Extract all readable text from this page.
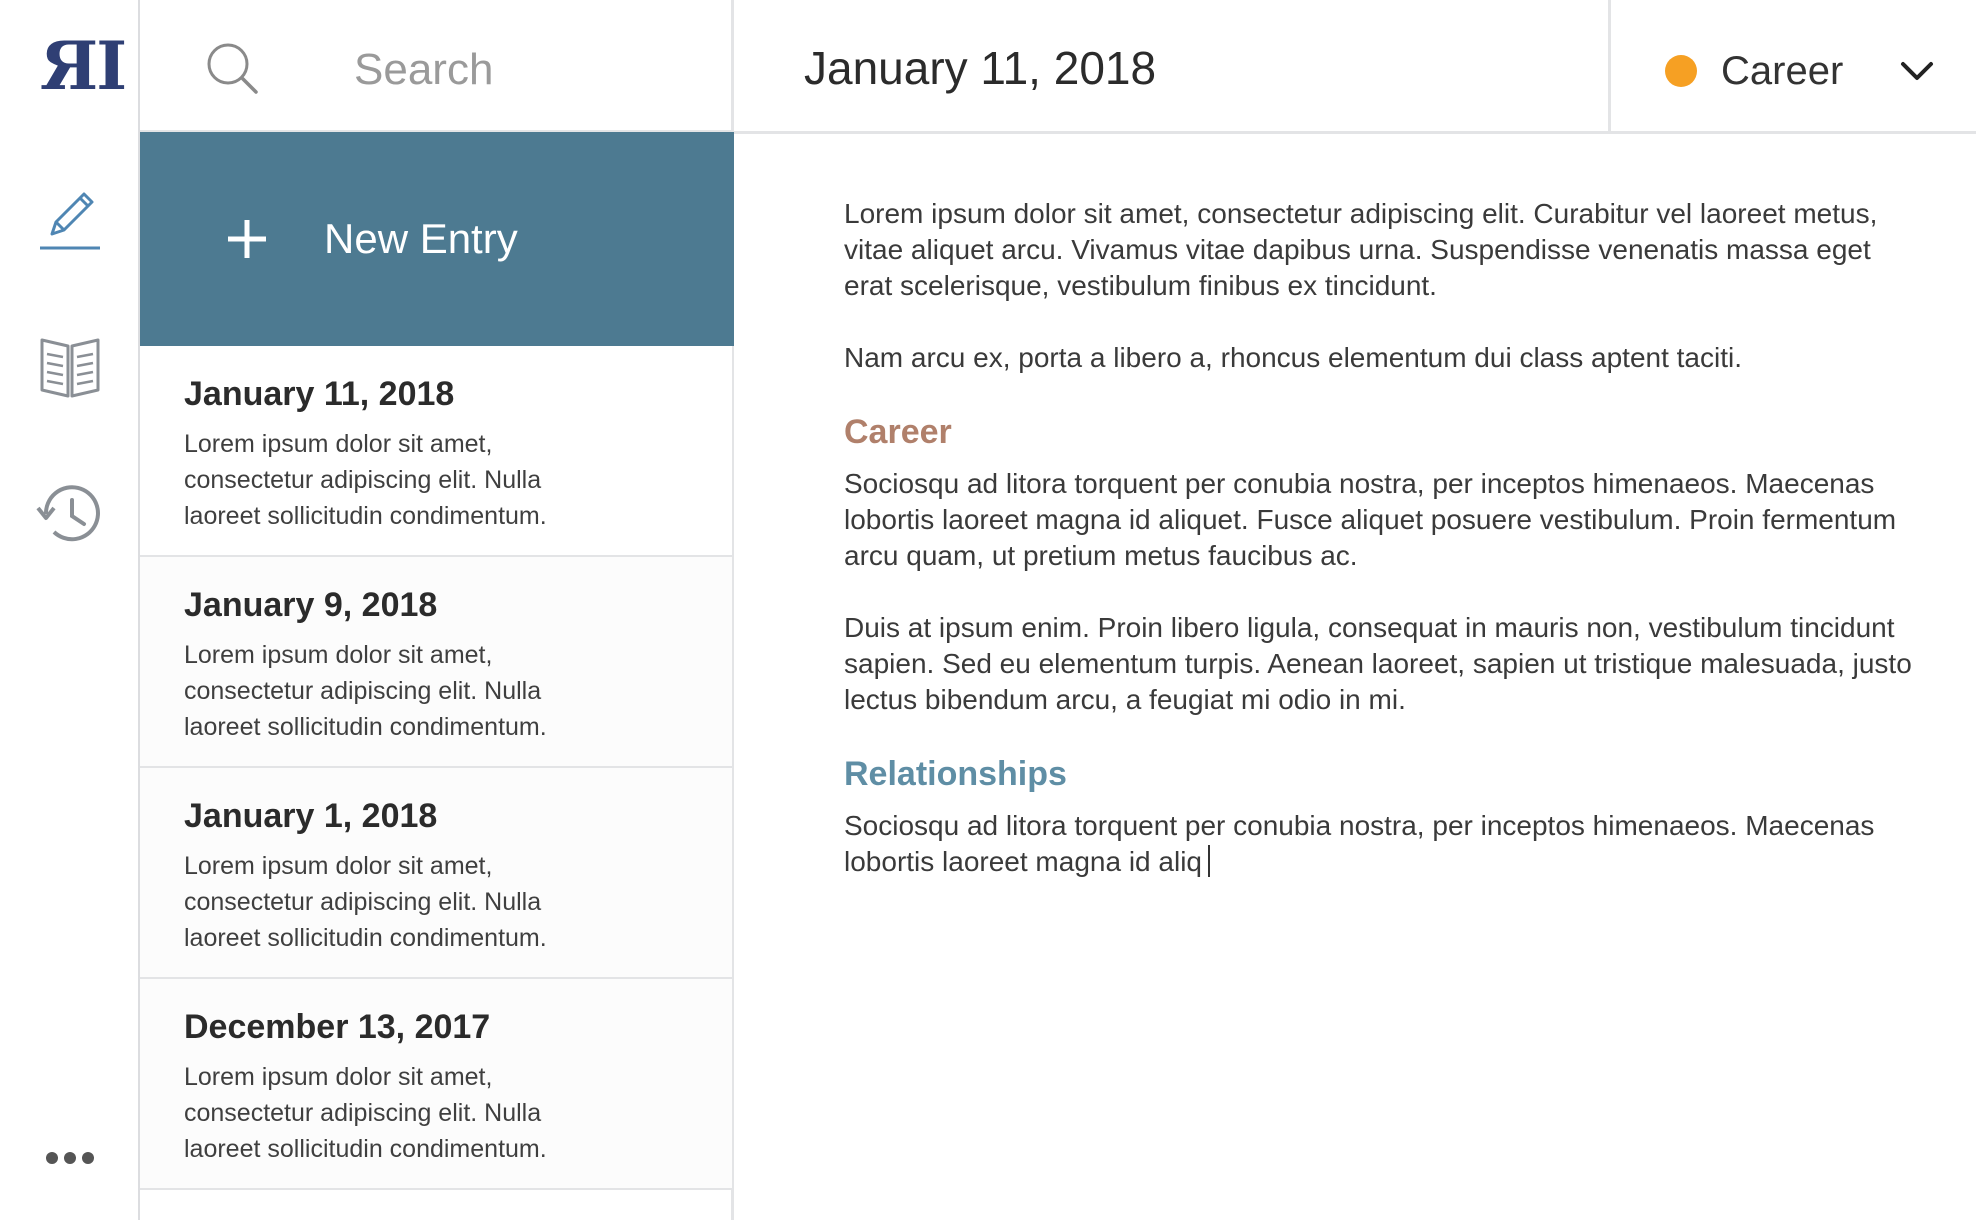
ЯI
Search
New Entry
January 11, 2018
Lorem ipsum dolor sit amet, consectetur adipiscing elit. Nulla laoreet sollicitudin condimentum.
January 9, 2018
Lorem ipsum dolor sit amet, consectetur adipiscing elit. Nulla laoreet sollicitudin condimentum.
January 1, 2018
Lorem ipsum dolor sit amet, consectetur adipiscing elit. Nulla laoreet sollicitudin condimentum.
December 13, 2017
Lorem ipsum dolor sit amet, consectetur adipiscing elit. Nulla laoreet sollicitudin condimentum.
January 11, 2018	Career

Lorem ipsum dolor sit amet, consectetur adipiscing elit. Curabitur vel laoreet metus, vitae aliquet arcu. Vivamus vitae dapibus urna. Suspendisse venenatis massa eget erat scelerisque, vestibulum finibus ex tincidunt.

Nam arcu ex, porta a libero a, rhoncus elementum dui class aptent taciti.

Career

Sociosqu ad litora torquent per conubia nostra, per inceptos himenaeos. Maecenas lobortis laoreet magna id aliquet. Fusce aliquet posuere vestibulum. Proin fermentum arcu quam, ut pretium metus faucibus ac.

Duis at ipsum enim. Proin libero ligula, consequat in mauris non, vestibulum tincidunt sapien. Sed eu elementum turpis. Aenean laoreet, sapien ut tristique malesuada, justo lectus bibendum arcu, a feugiat mi odio in mi.

Relationships

Sociosqu ad litora torquent per conubia nostra, per inceptos himenaeos. Maecenas lobortis laoreet magna id aliq
